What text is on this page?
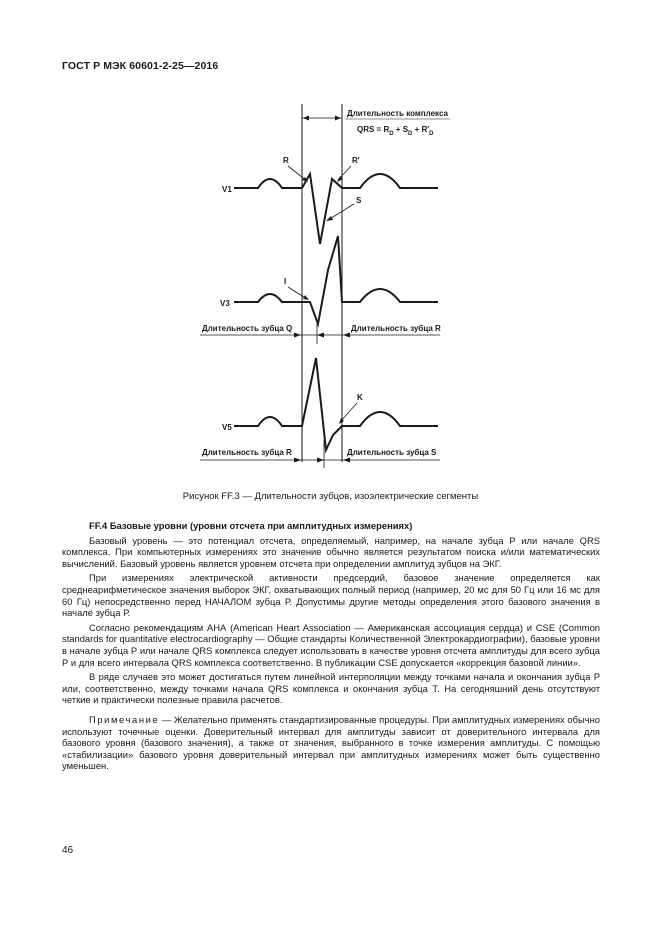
ГОСТ Р МЭК 60601-2-25—2016
Длительность комплекса
QRS = $R_D + S_D + R'_D$
V1
R	R'
S
V3
I
Длительность зубца Q	Длительность зубца R
V5
K
Длительность зубца R	Длительность зубца S
Рисунок FF.3 — Длительности зубцов, изоэлектрические сегменты
FF.4 Базовые уровни (уровни отсчета при амплитудных измерениях)

Базовый уровень — это потенциал отсчета, определяемый, например, на начале зубца Р или начале QRS комплекса. При компьютерных измерениях это значение обычно является результатом поиска и/или математических вычислений. Базовый уровень является уровнем отсчета при определении амплитуд зубцов на ЭКГ.

При измерениях электрической активности предсердий, базовое значение определяется как среднеарифметическое значения выборок ЭКГ, охватывающих полный период (например, 20 мс для 50 Гц или 16 мс для 60 Гц) непосредственно перед НАЧАЛОМ зубца Р. Допустимы другие методы определения этого базового значения в начале зубца Р.

Согласно рекомендациям АНА (American Heart Association — Американская ассоциация сердца) и CSE (Common standards for quantitative electrocardiography — Общие стандарты Количественной Электрокардиографии), базовые уровни в начале зубца Р или начале QRS комплекса следует использовать в качестве уровня отсчета амплитуды для всего зубца Р и для всего интервала QRS комплекса соответственно. В публикации CSE допускается «коррекция базовой линии».

В ряде случаев это может достигаться путем линейной интерполяции между точками начала и окончания зубца Р или, соответственно, между точками начала QRS комплекса и окончания зубца Т. На сегодняшний день отсутствуют четкие и практически полезные правила расчетов.

Примечание — Желательно применять стандартизированные процедуры. При амплитудных измерениях обычно используют точечные оценки. Доверительный интервал для амплитуды зависит от доверительного интервала для базового уровня (базового значения), а также от значения, выбранного в точке измерения амплитуды. С помощью «стабилизации» базового уровня доверительный интервал при амплитудных измерениях может быть существенно уменьшен.

46
